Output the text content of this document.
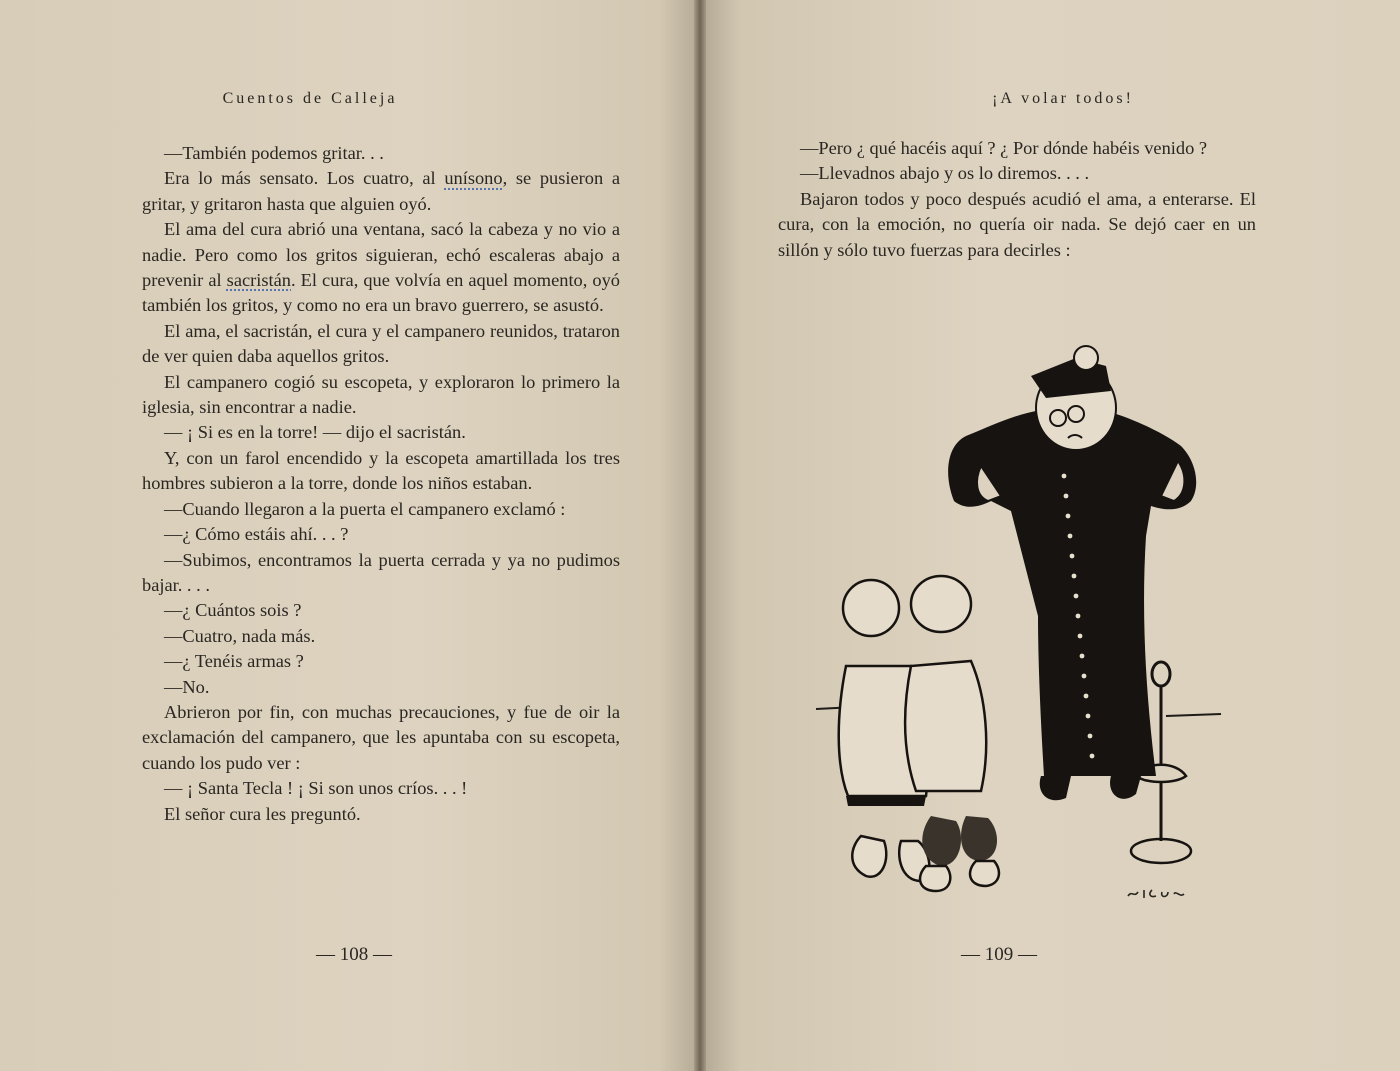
Cuentos de Calleja

—También podemos gritar. . .

Era lo más sensato. Los cuatro, al unísono, se pusieron a gritar, y gritaron hasta que alguien oyó.

El ama del cura abrió una ventana, sacó la cabeza y no vio a nadie. Pero como los gritos siguieran, echó escaleras abajo a prevenir al sacristán. El cura, que volvía en aquel momento, oyó también los gritos, y como no era un bravo guerrero, se asustó.

El ama, el sacristán, el cura y el campanero reunidos, trataron de ver quien daba aquellos gritos.

El campanero cogió su escopeta, y exploraron lo primero la iglesia, sin encontrar a nadie.

— ¡ Si es en la torre! — dijo el sacristán.

Y, con un farol encendido y la escopeta amartillada los tres hombres subieron a la torre, donde los niños estaban.

—Cuando llegaron a la puerta el campanero exclamó :

—¿ Cómo estáis ahí. . . ?

—Subimos, encontramos la puerta cerrada y ya no pudimos bajar. . . .

—¿ Cuántos sois ?

—Cuatro, nada más.

—¿ Tenéis armas ?

—No.

Abrieron por fin, con muchas precauciones, y fue de oir la exclamación del campanero, que les apuntaba con su escopeta, cuando los pudo ver :

— ¡ Santa Tecla ! ¡ Si son unos críos. . . !

El señor cura les preguntó.

— 108 —
¡A volar todos!

—Pero ¿ qué hacéis aquí ? ¿ Por dónde habéis venido ?

—Llevadnos abajo y os lo diremos. . . .

Bajaron todos y poco después acudió el ama, a enterarse. El cura, con la emoción, no quería oir nada. Se dejó caer en un sillón y sólo tuvo fuerzas para decirles :

— 109 —
